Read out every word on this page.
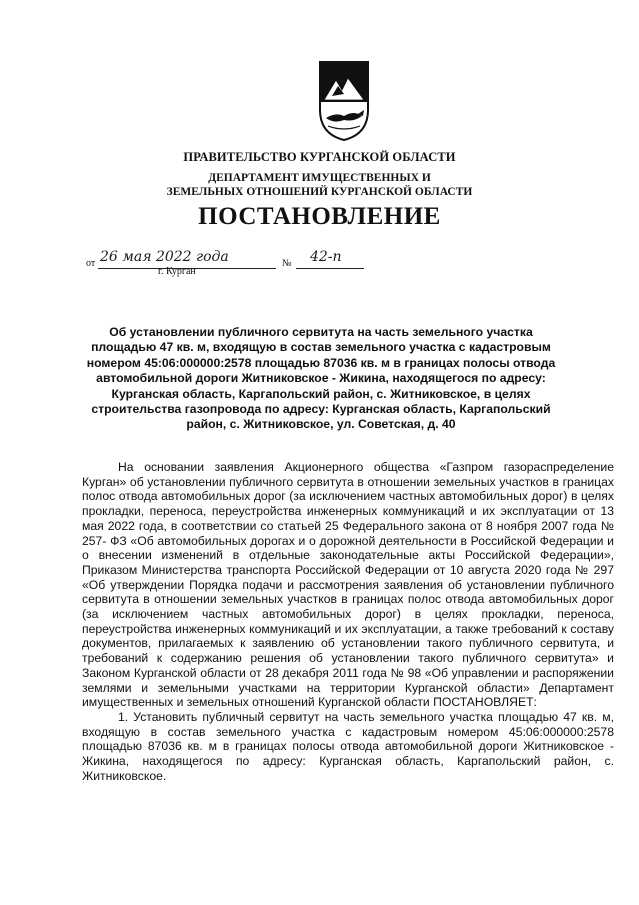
ПРАВИТЕЛЬСТВО КУРГАНСКОЙ ОБЛАСТИ
ДЕПАРТАМЕНТ ИМУЩЕСТВЕННЫХ И
ЗЕМЕЛЬНЫХ ОТНОШЕНИЙ КУРГАНСКОЙ ОБЛАСТИ
ПОСТАНОВЛЕНИЕ
от 26 мая 2022 года	№ 42-п
г. Курган
Об установлении публичного сервитута на часть земельного участка площадью 47 кв. м, входящую в состав земельного участка с кадастровым номером 45:06:000000:2578 площадью 87036 кв. м в границах полосы отвода автомобильной дороги Житниковское - Жикина, находящегося по адресу: Курганская область, Каргапольский район, с. Житниковское, в целях строительства газопровода по адресу: Курганская область, Каргапольский район, с. Житниковское, ул. Советская, д. 40

На основании заявления Акционерного общества «Газпром газораспределение Курган» об установлении публичного сервитута в отношении земельных участков в границах полос отвода автомобильных дорог (за исключением частных автомобильных дорог) в целях прокладки, переноса, переустройства инженерных коммуникаций и их эксплуатации от 13 мая 2022 года, в соответствии со статьей 25 Федерального закона от 8 ноября 2007 года № 257- ФЗ «Об автомобильных дорогах и о дорожной деятельности в Российской Федерации и о внесении изменений в отдельные законодательные акты Российской Федерации», Приказом Министерства транспорта Российской Федерации от 10 августа 2020 года № 297 «Об утверждении Порядка подачи и рассмотрения заявления об установлении публичного сервитута в отношении земельных участков в границах полос отвода автомобильных дорог (за исключением частных автомобильных дорог) в целях прокладки, переноса, переустройства инженерных коммуникаций и их эксплуатации, а также требований к составу документов, прилагаемых к заявлению об установлении такого публичного сервитута, и требований к содержанию решения об установлении такого публичного сервитута» и Законом Курганской области от 28 декабря 2011 года № 98 «Об управлении и распоряжении землями и земельными участками на территории Курганской области» Департамент имущественных и земельных отношений Курганской области ПОСТАНОВЛЯЕТ:

1. Установить публичный сервитут на часть земельного участка площадью 47 кв. м, входящую в состав земельного участка с кадастровым номером 45:06:000000:2578 площадью 87036 кв. м в границах полосы отвода автомобильной дороги Житниковское - Жикина, находящегося по адресу: Курганская область, Каргапольский район, с. Житниковское.
